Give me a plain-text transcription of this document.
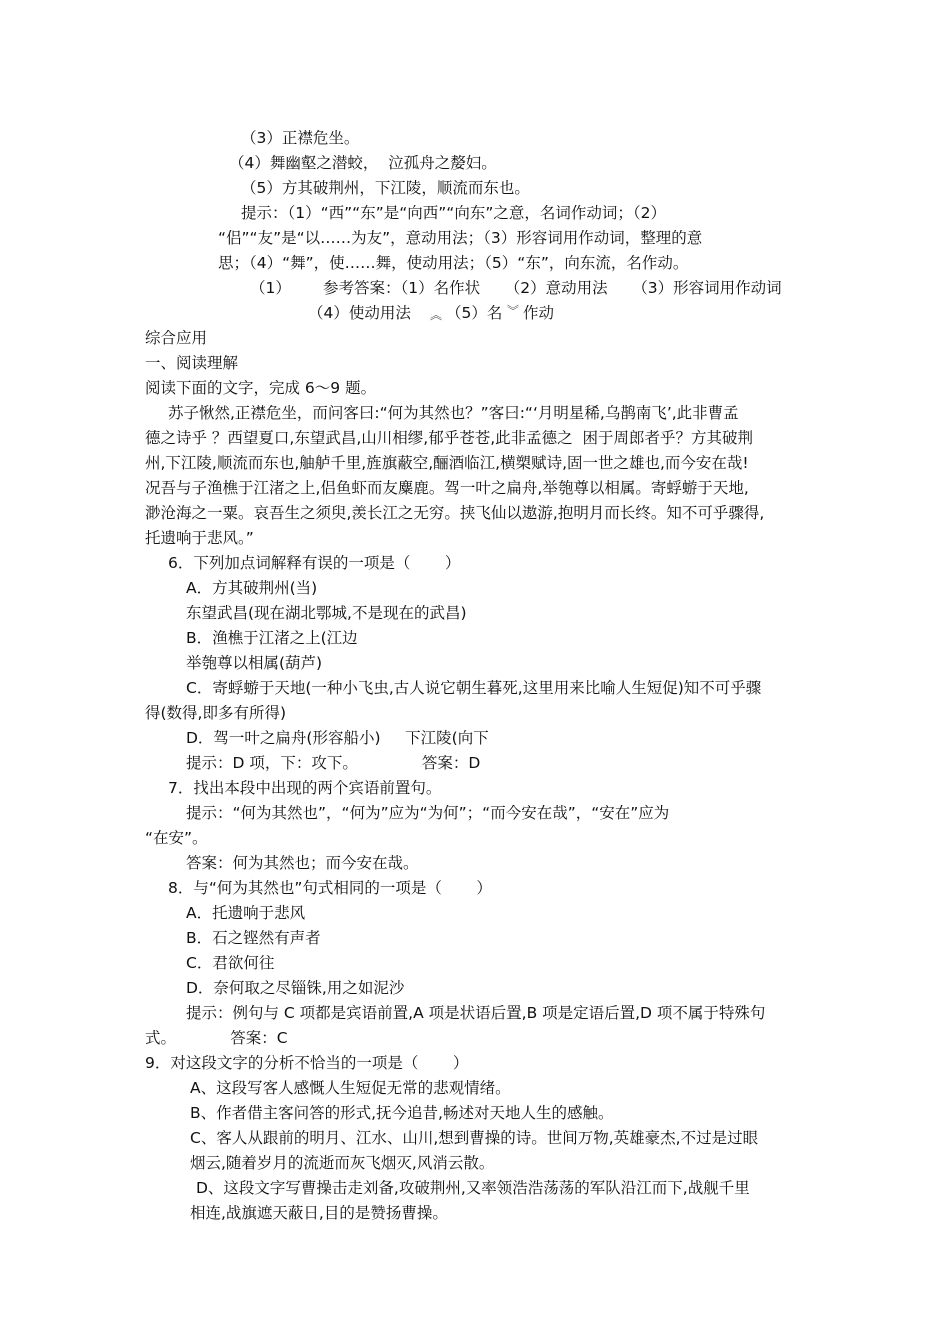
（3）正襟危坐。
（4）舞幽壑之潜蛟，  泣孤舟之嫠妇。
（5）方其破荆州，下江陵，顺流而东也。
提示：（1）“西”“东”是“向西”“向东”之意，名词作动词；（2）
“侣”“友”是“以……为友”，意动用法；（3）形容词用作动词，整理的意
思；（4）“舞”，使……舞，使动用法；（5）“东”，向东流，名作动。
（1） 参考答案：（1）名作状     （2）意动用法     （3）形容词用作动词
（4）使动用法 ︽ （5）名 ︾ 作动
综合应用
一、阅读理解
阅读下面的文字，完成 6～9 题。
苏子愀然,正襟危坐，而问客曰:“何为其然也？”客曰:“‘月明星稀,乌鹊南飞’,此非曹孟
德之诗乎 ？西望夏口,东望武昌,山川相缪,郁乎苍苍,此非孟德之  困于周郎者乎？方其破荆
州,下江陵,顺流而东也,舳舻千里,旌旗蔽空,酾酒临江,横槊赋诗,固一世之雄也,而今安在哉!
况吾与子渔樵于江渚之上,侣鱼虾而友麋鹿。驾一叶之扁舟,举匏尊以相属。寄蜉蝣于天地,
渺沧海之一粟。哀吾生之须臾,羡长江之无穷。挟飞仙以遨游,抱明月而长终。知不可乎骤得,
托遗响于悲风。”
6．下列加点词解释有误的一项是（       ）
A．方其破荆州(当)
东望武昌(现在湖北鄂城,不是现在的武昌)
B．渔樵于江渚之上(江边
举匏尊以相属(葫芦)
C．寄蜉蝣于天地(一种小飞虫,古人说它朝生暮死,这里用来比喻人生短促)知不可乎骤
得(数得,即多有所得)
D．驾一叶之扁舟(形容船小)     下江陵(向下
提示：D 项，下：攻下。             答案：D
7．找出本段中出现的两个宾语前置句。
提示：“何为其然也”，“何为”应为“为何”；“而今安在哉”，“安在”应为
“在安”。
答案：何为其然也；而今安在哉。
8．与“何为其然也”句式相同的一项是（       ）
A．托遗响于悲风
B．石之铿然有声者
C．君欲何往
D．奈何取之尽锱铢,用之如泥沙
提示：例句与 C 项都是宾语前置,A 项是状语后置,B 项是定语后置,D 项不属于特殊句
式。           答案：C
9．对这段文字的分析不恰当的一项是（       ）
A、这段写客人感慨人生短促无常的悲观情绪。
B、作者借主客问答的形式,抚今追昔,畅述对天地人生的感触。
C、客人从跟前的明月、江水、山川,想到曹操的诗。世间万物,英雄豪杰,不过是过眼
烟云,随着岁月的流逝而灰飞烟灭,风消云散。
D、这段文字写曹操击走刘备,攻破荆州,又率领浩浩荡荡的军队沿江而下,战舰千里
相连,战旗遮天蔽日,目的是赞扬曹操。
